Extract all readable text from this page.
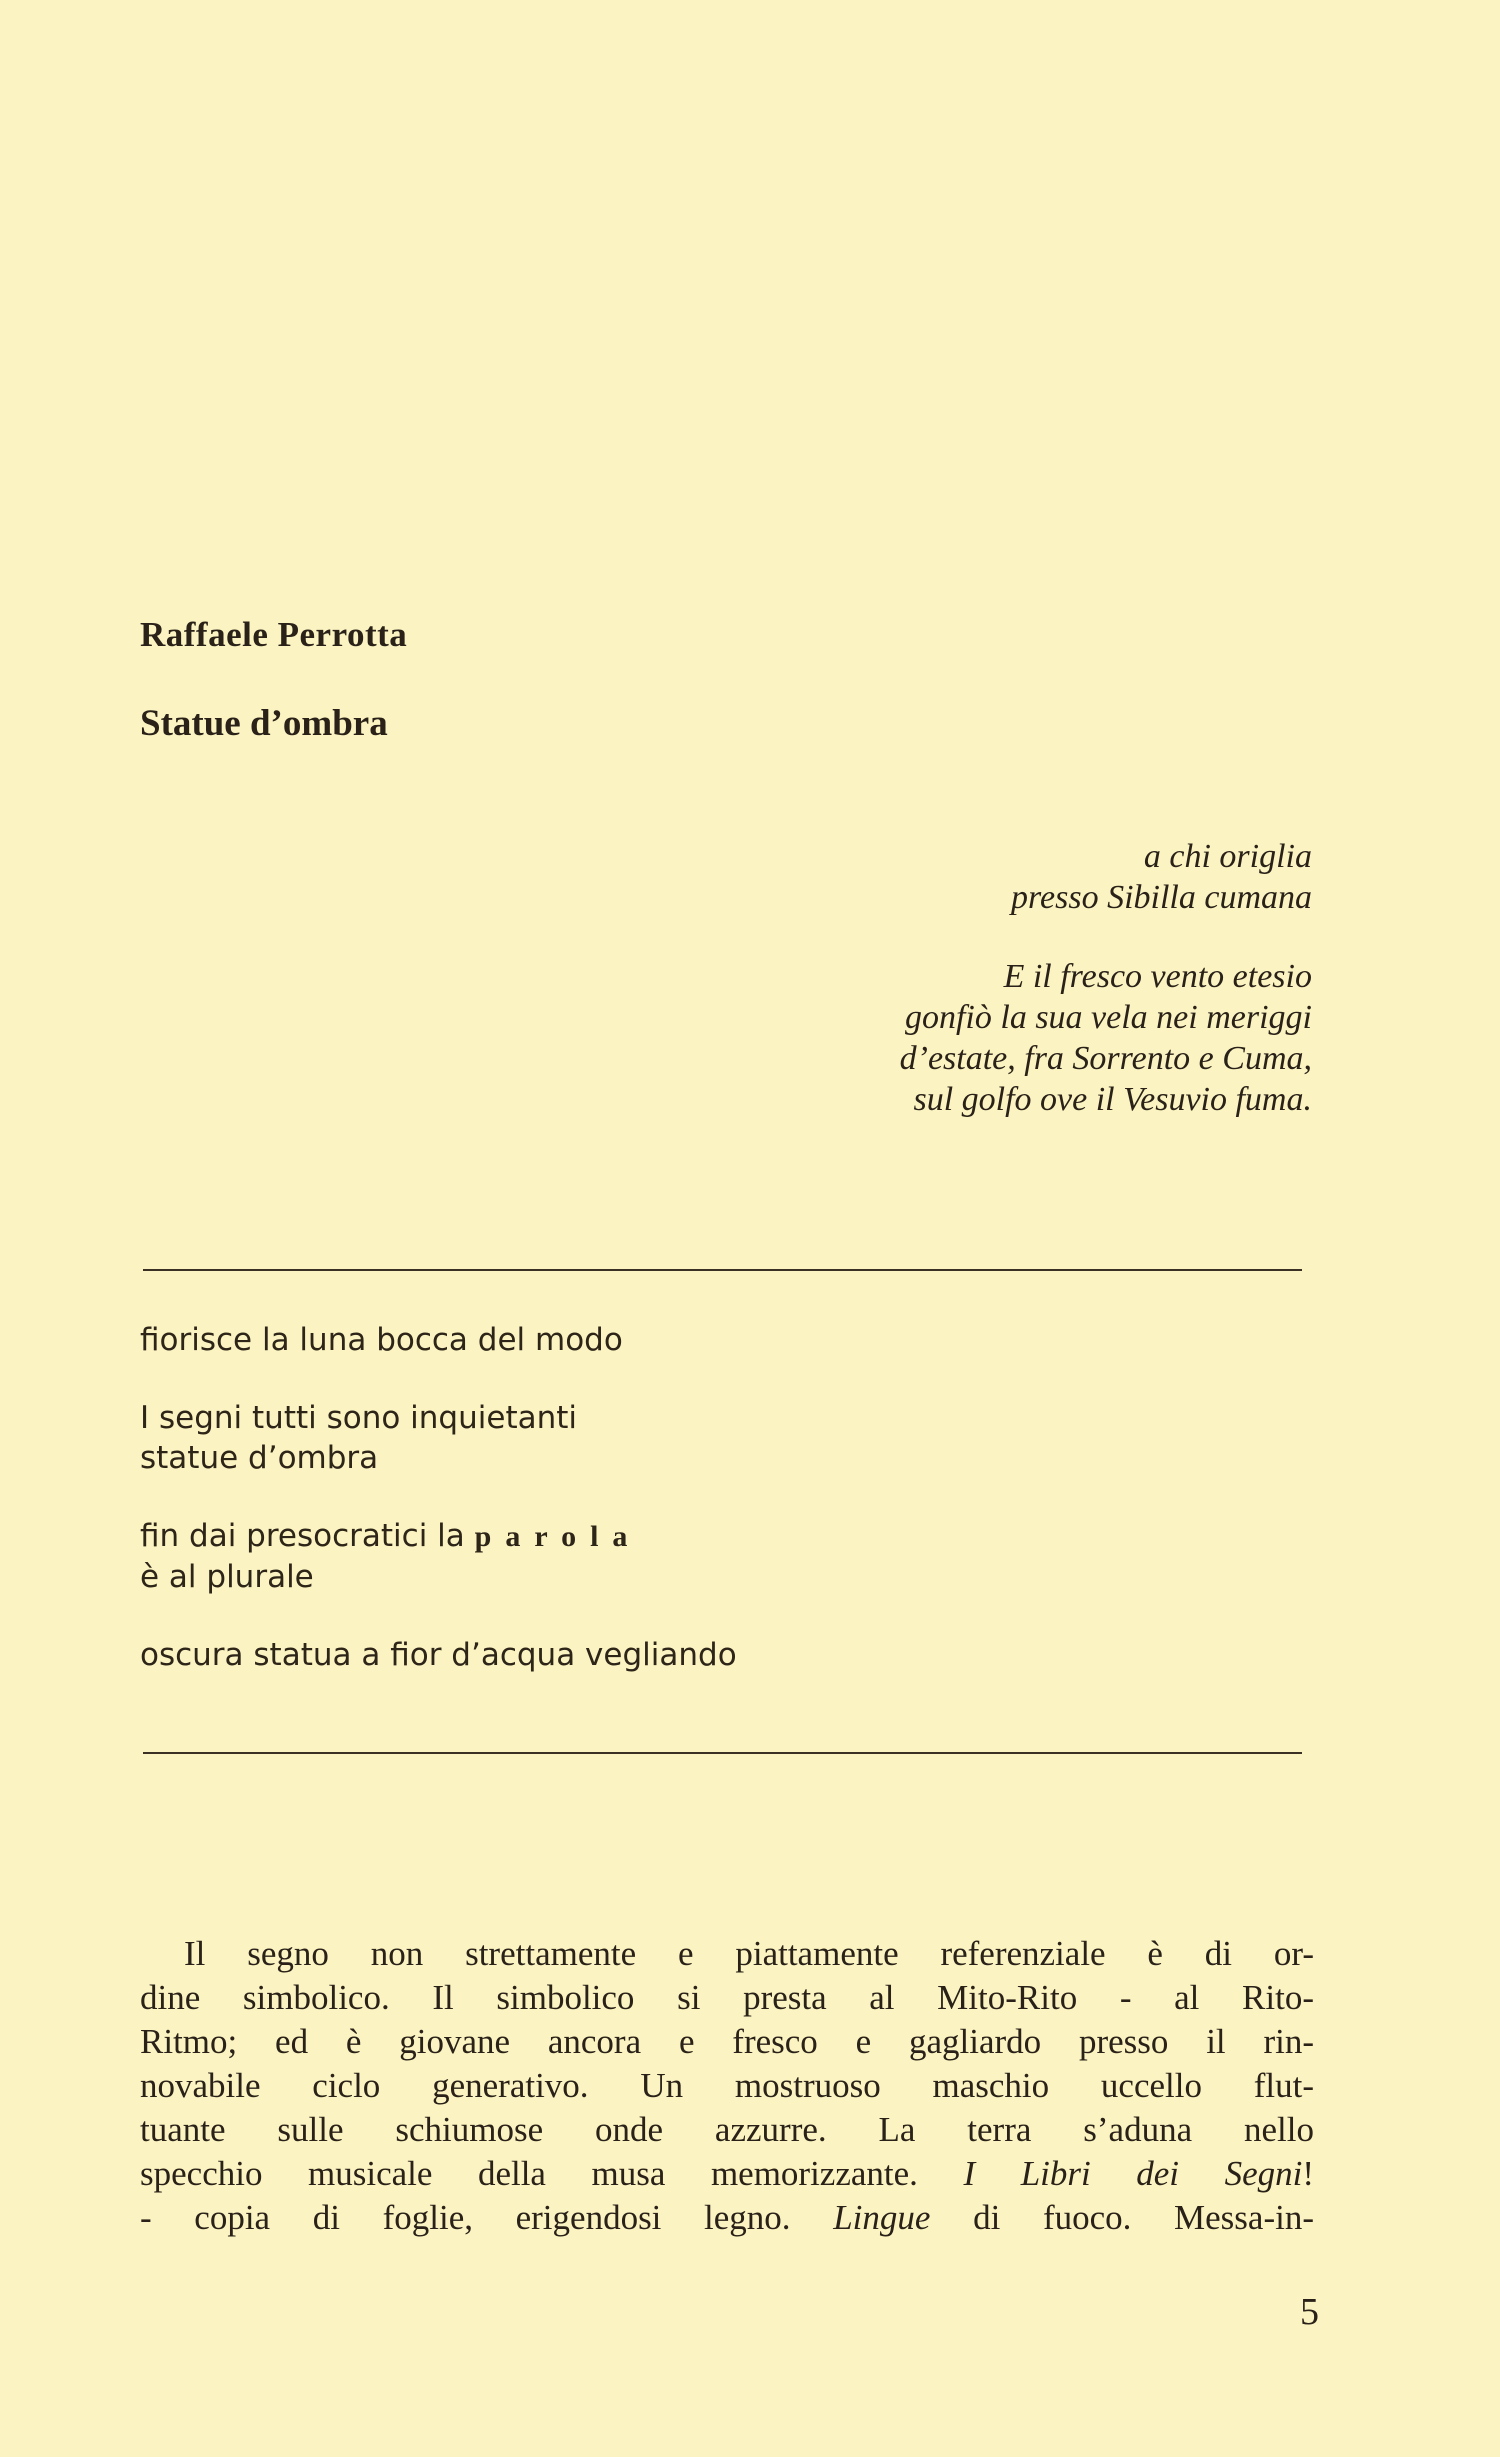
Raffaele Perrotta
Statue d’ombra
a chi origlia
presso Sibilla cumana
E il fresco vento etesio
gonfiò la sua vela nei meriggi
d’estate, fra Sorrento e Cuma,
sul golfo ove il Vesuvio fuma.
fiorisce la luna bocca del modo
I segni tutti sono inquietanti
statue d’ombra
fin dai presocratici la parola
è al plurale
oscura statua a fior d’acqua vegliando
Il segno non strettamente e piattamente referenziale è di or-
dine simbolico. Il simbolico si presta al Mito-Rito - al Rito-
Ritmo; ed è giovane ancora e fresco e gagliardo presso il rin-
novabile ciclo generativo. Un mostruoso maschio uccello flut-
tuante sulle schiumose onde azzurre. La terra s’aduna nello
specchio musicale della musa memorizzante. I Libri dei Segni!
- copia di foglie, erigendosi legno. Lingue di fuoco. Messa-in-
5
